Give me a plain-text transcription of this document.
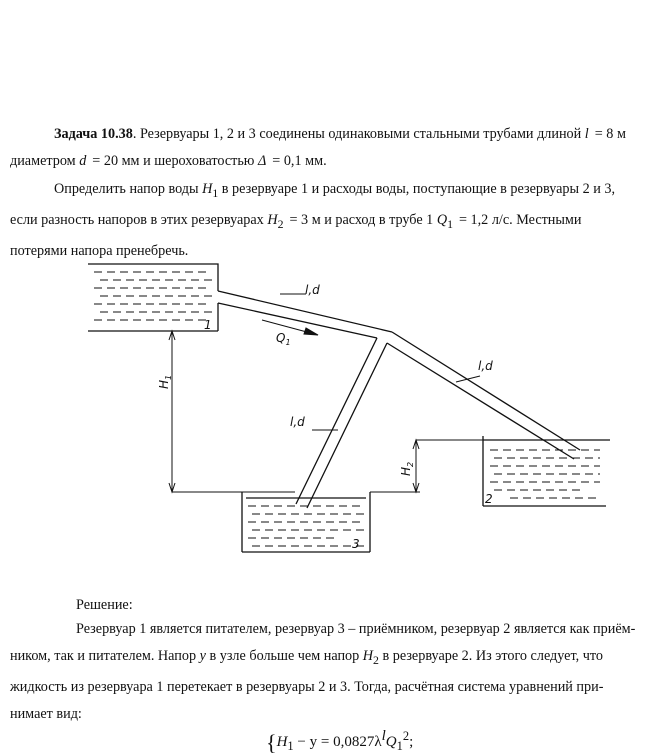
Задача 10.38. Резервуары 1, 2 и 3 соединены одинаковыми стальными трубами длиной l = 8 м
диаметром d = 20 мм и шероховатостью Δ = 0,1 мм.

Определить напор воды $H_1$ в резервуаре 1 и расходы воды, поступающие в резервуары 2 и 3,
если разность напоров в этих резервуарах $H_2 = 3$ м и расход в трубе 1 $Q_1 = 1,2$ л/с. Местными
потерями напора пренебречь.

l,d
l,d
l,d
$Q_1$
1
2
3
$H_1$
$H_2$

Решение:

Резервуар 1 является питателем, резервуар 3 – приёмником, резервуар 2 является как приём-
ником, так и питателем. Напор y в узле больше чем напор $H_2$ в резервуаре 2. Из этого следует, что
жидкость из резервуара 1 перетекает в резервуары 2 и 3. Тогда, расчётная система уравнений при-
нимает вид:

{$H_1 - y = 0,0827\lambda lQ_1^2$;
